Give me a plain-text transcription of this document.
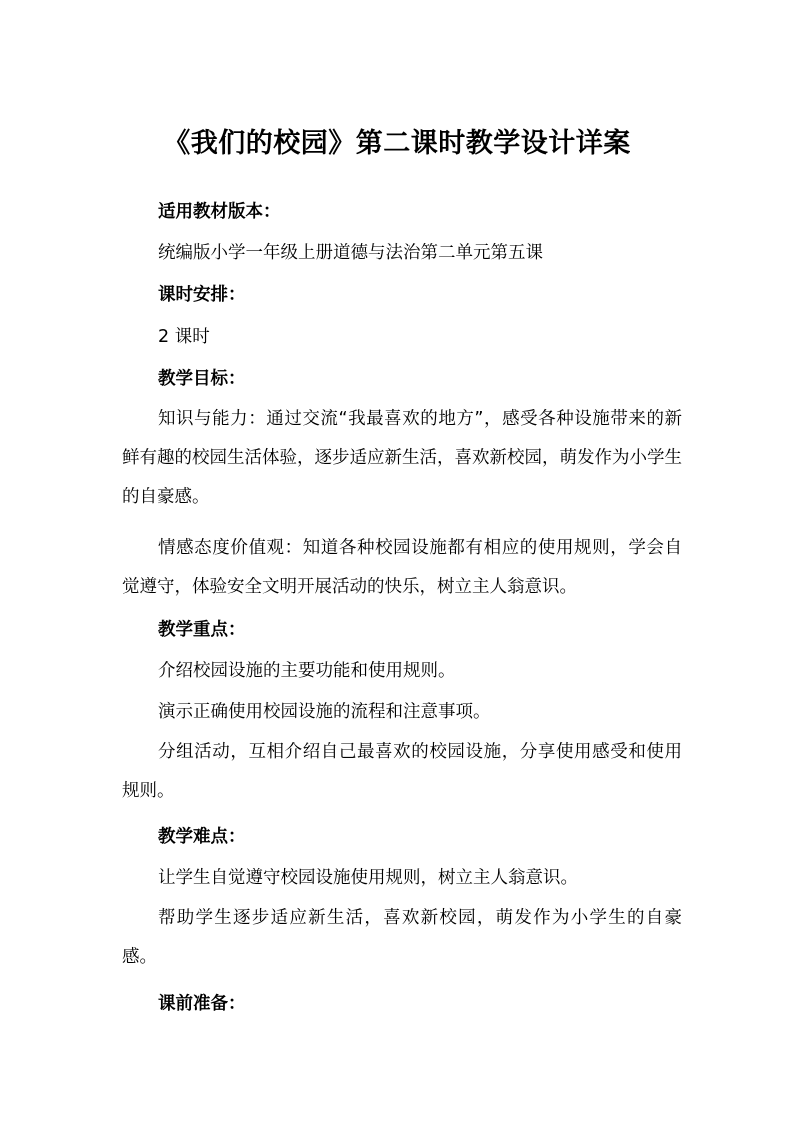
《我们的校园》第二课时教学设计详案
适用教材版本：
统编版小学一年级上册道德与法治第二单元第五课
课时安排：
2 课时
教学目标：
知识与能力：通过交流“我最喜欢的地方”，感受各种设施带来的新鲜有趣的校园生活体验，逐步适应新生活，喜欢新校园，萌发作为小学生的自豪感。
情感态度价值观：知道各种校园设施都有相应的使用规则，学会自觉遵守，体验安全文明开展活动的快乐，树立主人翁意识。
教学重点：
介绍校园设施的主要功能和使用规则。
演示正确使用校园设施的流程和注意事项。
分组活动，互相介绍自己最喜欢的校园设施，分享使用感受和使用规则。
教学难点：
让学生自觉遵守校园设施使用规则，树立主人翁意识。
帮助学生逐步适应新生活，喜欢新校园，萌发作为小学生的自豪感。
课前准备：
